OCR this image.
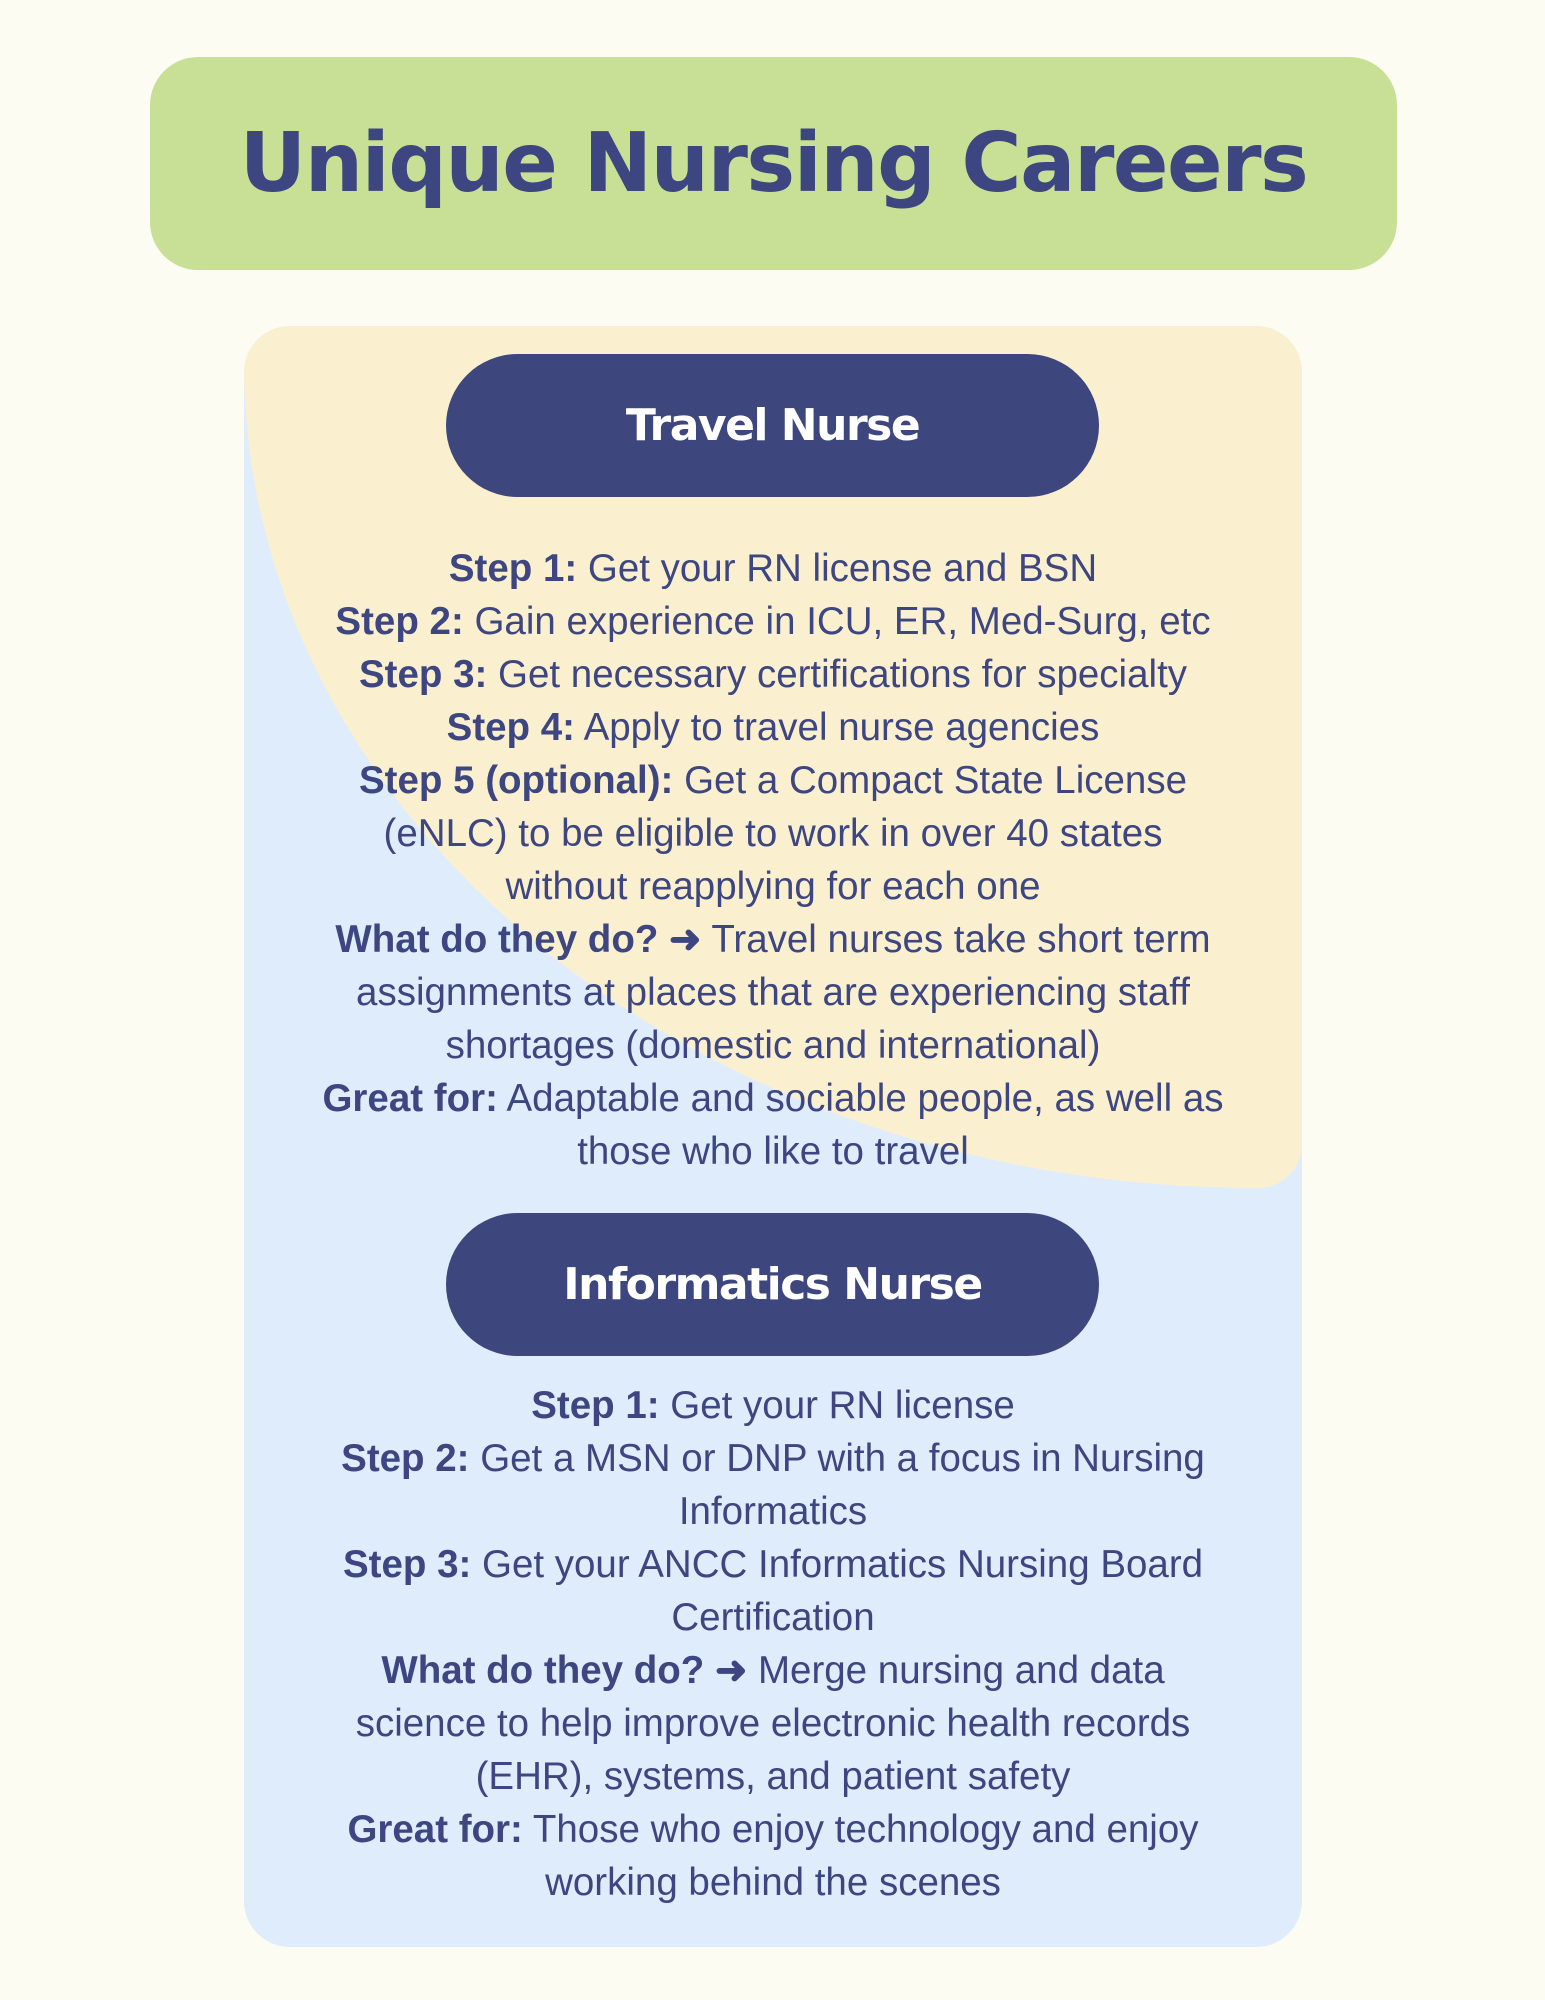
Unique Nursing Careers
Travel Nurse
Step 1: Get your RN license and BSN
Step 2: Gain experience in ICU, ER, Med-Surg, etc
Step 3: Get necessary certifications for specialty
Step 4: Apply to travel nurse agencies
Step 5 (optional): Get a Compact State License
(eNLC) to be eligible to work in over 40 states
without reapplying for each one
What do they do? ➜ Travel nurses take short term
assignments at places that are experiencing staff
shortages (domestic and international)
Great for: Adaptable and sociable people, as well as
those who like to travel
Informatics Nurse
Step 1: Get your RN license
Step 2: Get a MSN or DNP with a focus in Nursing
Informatics
Step 3: Get your ANCC Informatics Nursing Board
Certification
What do they do? ➜ Merge nursing and data
science to help improve electronic health records
(EHR), systems, and patient safety
Great for: Those who enjoy technology and enjoy
working behind the scenes
